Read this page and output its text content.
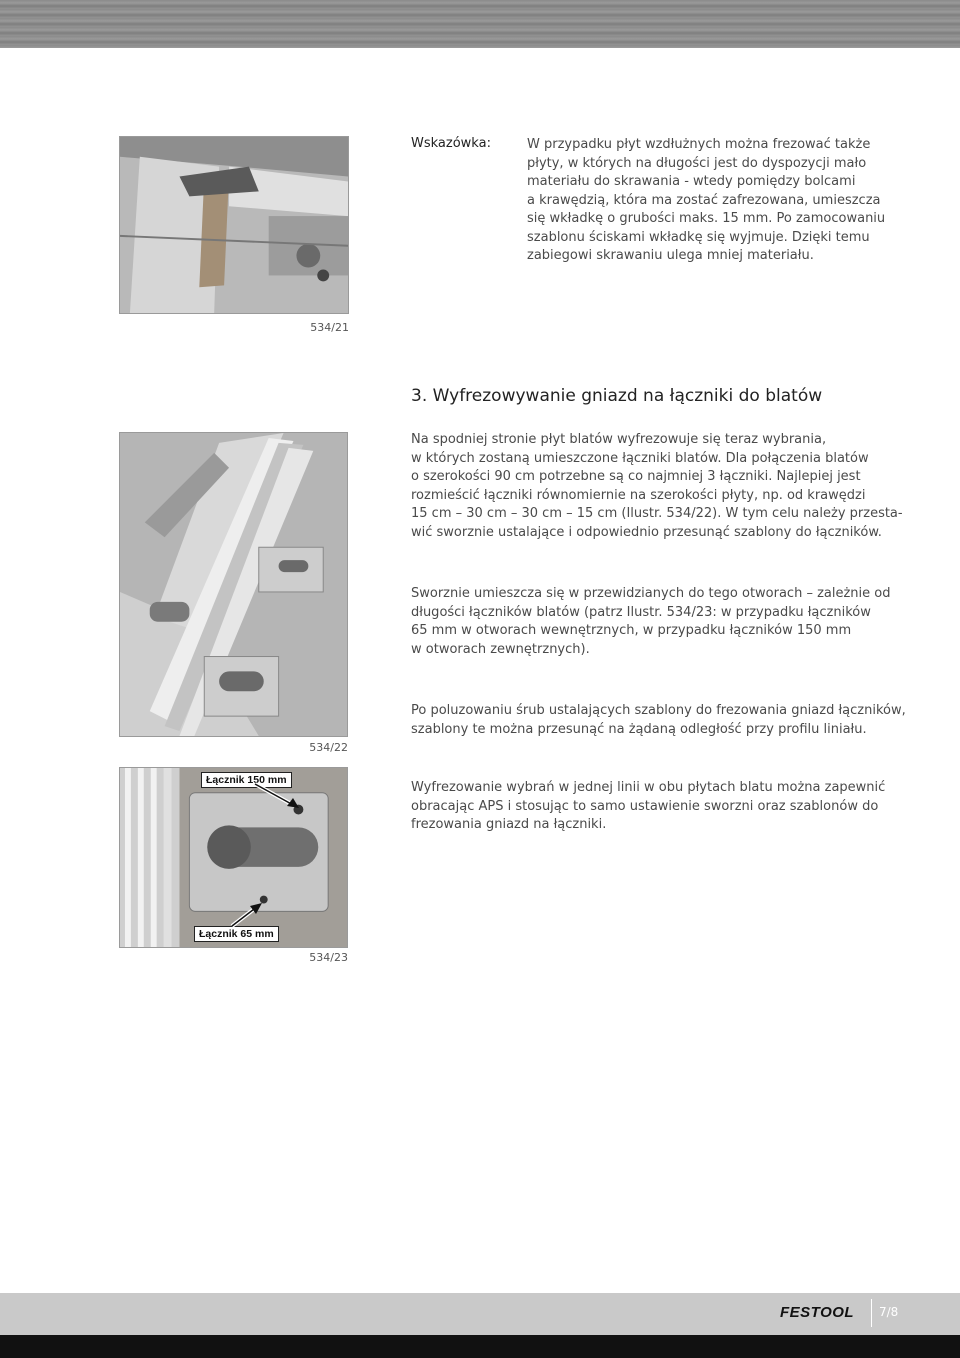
534/21
Wskazówka:	W przypadku płyt wzdłużnych można frezować także
płyty, w których na długości jest do dyspozycji mało
materiału do skrawania - wtedy pomiędzy bolcami
a krawędzią, która ma zostać zafrezowana, umieszcza
się wkładkę o grubości maks. 15 mm. Po zamocowaniu
szablonu ściskami wkładkę się wyjmuje. Dzięki temu
zabiegowi skrawaniu ulega mniej materiału.
3. Wyfrezowywanie gniazd na łączniki do blatów
534/22
Na spodniej stronie płyt blatów wyfrezowuje się teraz wybrania,
w których zostaną umieszczone łączniki blatów. Dla połączenia blatów
o szerokości 90 cm potrzebne są co najmniej 3 łączniki. Najlepiej jest
rozmieścić łączniki równomiernie na szerokości płyty, np. od krawędzi
15 cm – 30 cm – 30 cm – 15 cm (Ilustr. 534/22). W tym celu należy przesta-
wić sworznie ustalające i odpowiednio przesunąć szablony do łączników.
Sworznie umieszcza się w przewidzianych do tego otworach – zależnie od
długości łączników blatów (patrz Ilustr. 534/23: w przypadku łączników
65 mm w otworach wewnętrznych, w przypadku łączników 150 mm
w otworach zewnętrznych).
Po poluzowaniu śrub ustalających szablony do frezowania gniazd łączników,
szablony te można przesunąć na żądaną odległość przy profilu liniału.
Wyfrezowanie wybrań w jednej linii w obu płytach blatu można zapewnić
obracając APS i stosując to samo ustawienie sworzni oraz szablonów do
frezowania gniazd na łączniki.
Łącznik 150 mm
Łącznik 65 mm
534/23
FESTOOL 7/8
